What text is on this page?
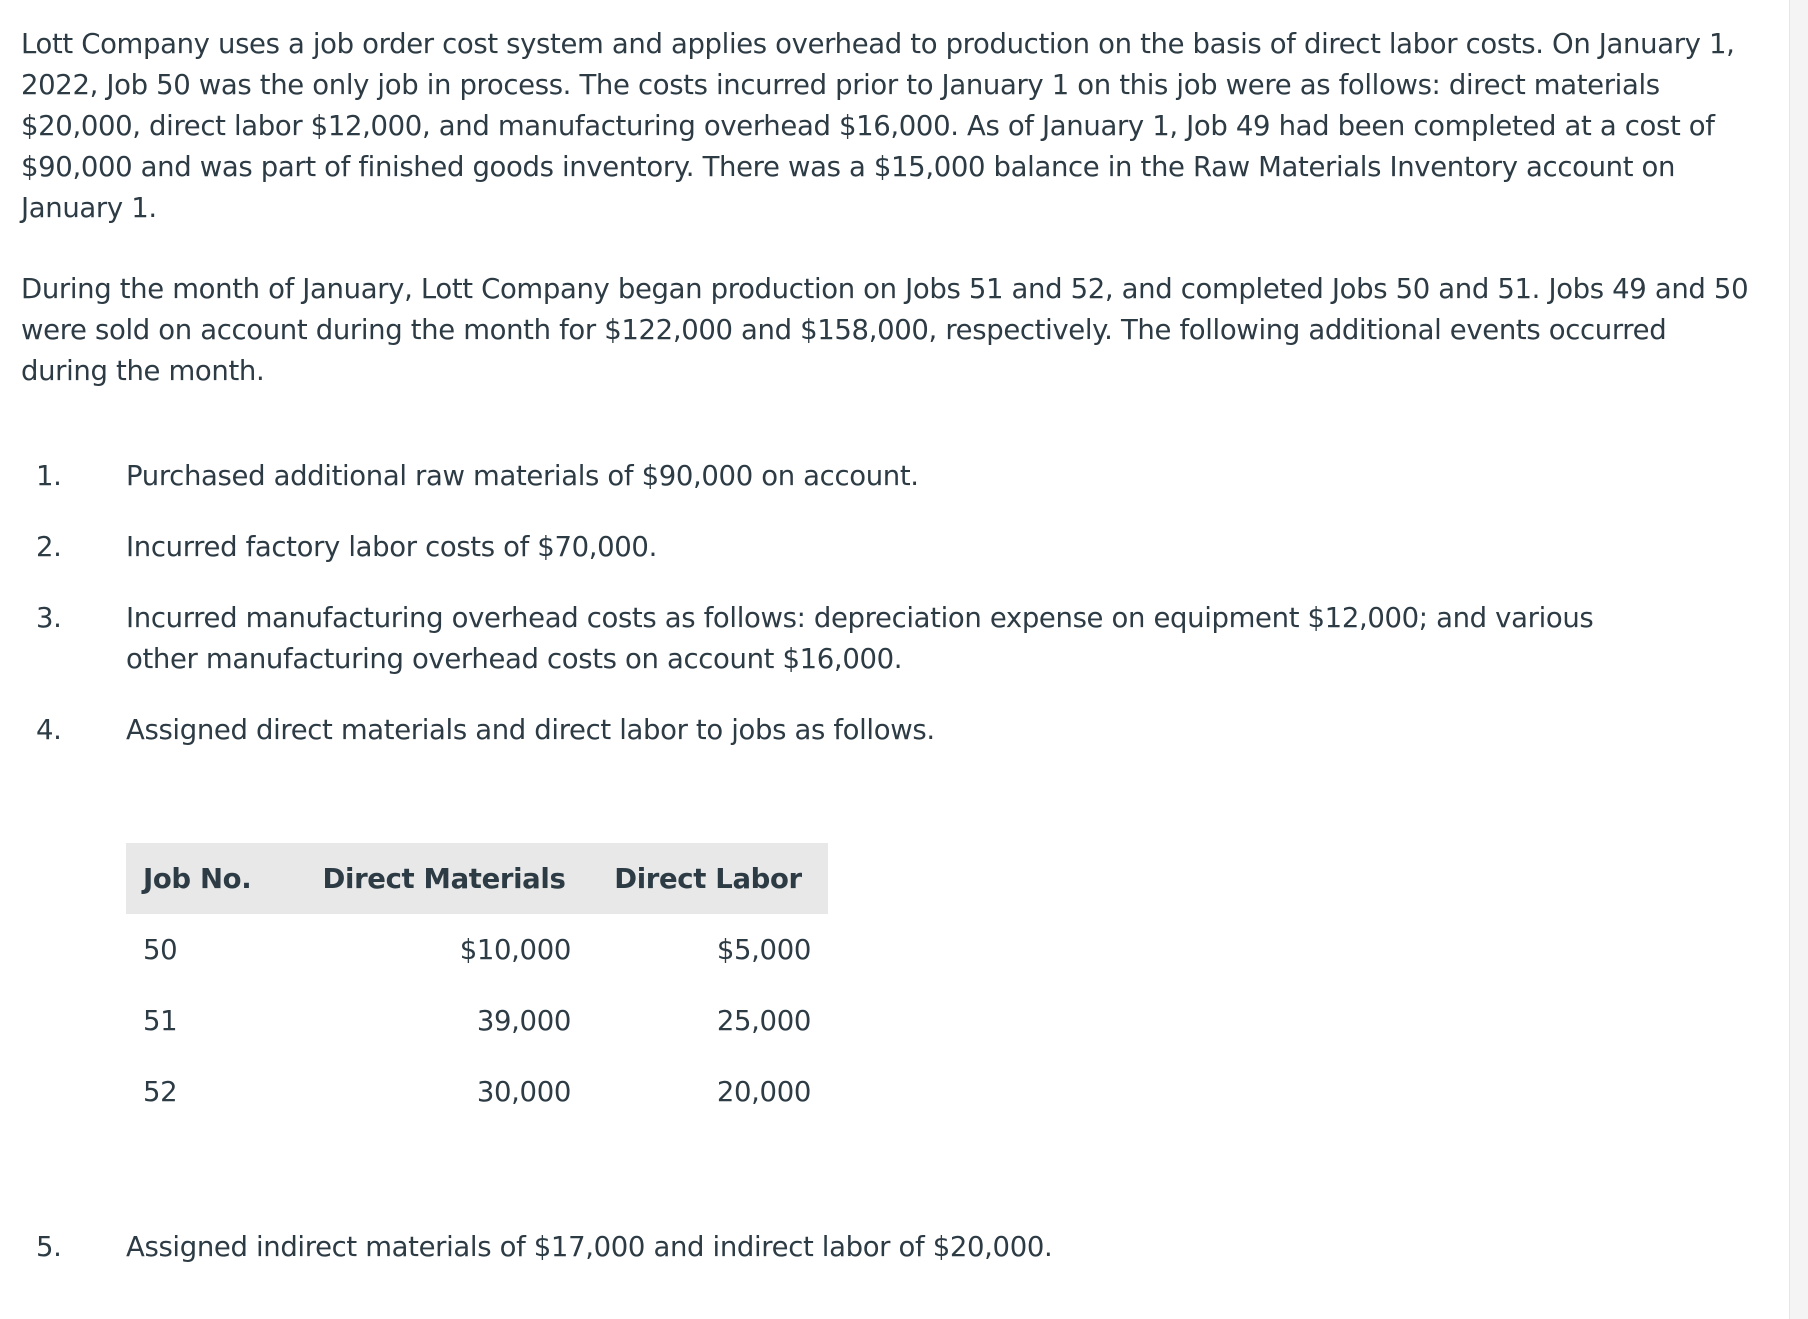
Lott Company uses a job order cost system and applies overhead to production on the basis of direct labor costs. On January 1, 2022, Job 50 was the only job in process. The costs incurred prior to January 1 on this job were as follows: direct materials $20,000, direct labor $12,000, and manufacturing overhead $16,000. As of January 1, Job 49 had been completed at a cost of $90,000 and was part of finished goods inventory. There was a $15,000 balance in the Raw Materials Inventory account on January 1.

During the month of January, Lott Company began production on Jobs 51 and 52, and completed Jobs 50 and 51. Jobs 49 and 50 were sold on account during the month for $122,000 and $158,000, respectively. The following additional events occurred during the month.

1.	Purchased additional raw materials of $90,000 on account.
2.	Incurred factory labor costs of $70,000.
3.	Incurred manufacturing overhead costs as follows: depreciation expense on equipment $12,000; and various other manufacturing overhead costs on account $16,000.
4.	Assigned direct materials and direct labor to jobs as follows.
Job No.	Direct Materials	Direct Labor
50	$10,000	$5,000
51	39,000	25,000
52	30,000	20,000
5.	Assigned indirect materials of $17,000 and indirect labor of $20,000.
